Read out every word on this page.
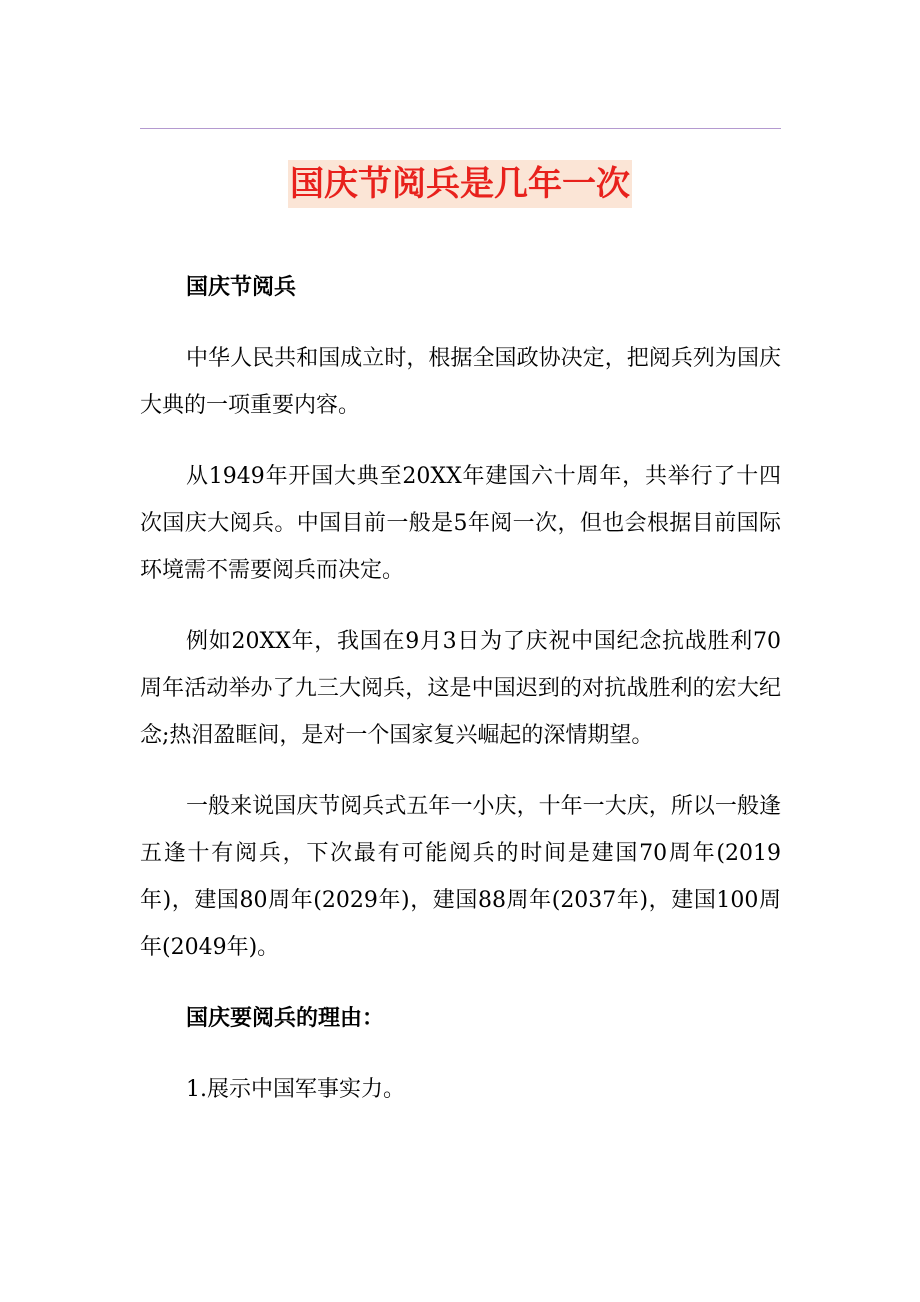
国庆节阅兵是几年一次

国庆节阅兵

中华人民共和国成立时，根据全国政协决定，把阅兵列为国庆大典的一项重要内容。

从1949年开国大典至20XX年建国六十周年，共举行了十四次国庆大阅兵。中国目前一般是5年阅一次，但也会根据目前国际环境需不需要阅兵而决定。

例如20XX年，我国在9月3日为了庆祝中国纪念抗战胜利70周年活动举办了九三大阅兵，这是中国迟到的对抗战胜利的宏大纪念;热泪盈眶间，是对一个国家复兴崛起的深情期望。

一般来说国庆节阅兵式五年一小庆，十年一大庆，所以一般逢五逢十有阅兵，下次最有可能阅兵的时间是建国70周年(2019年)，建国80周年(2029年)，建国88周年(2037年)，建国100周年(2049年)。

国庆要阅兵的理由：

1.展示中国军事实力。
